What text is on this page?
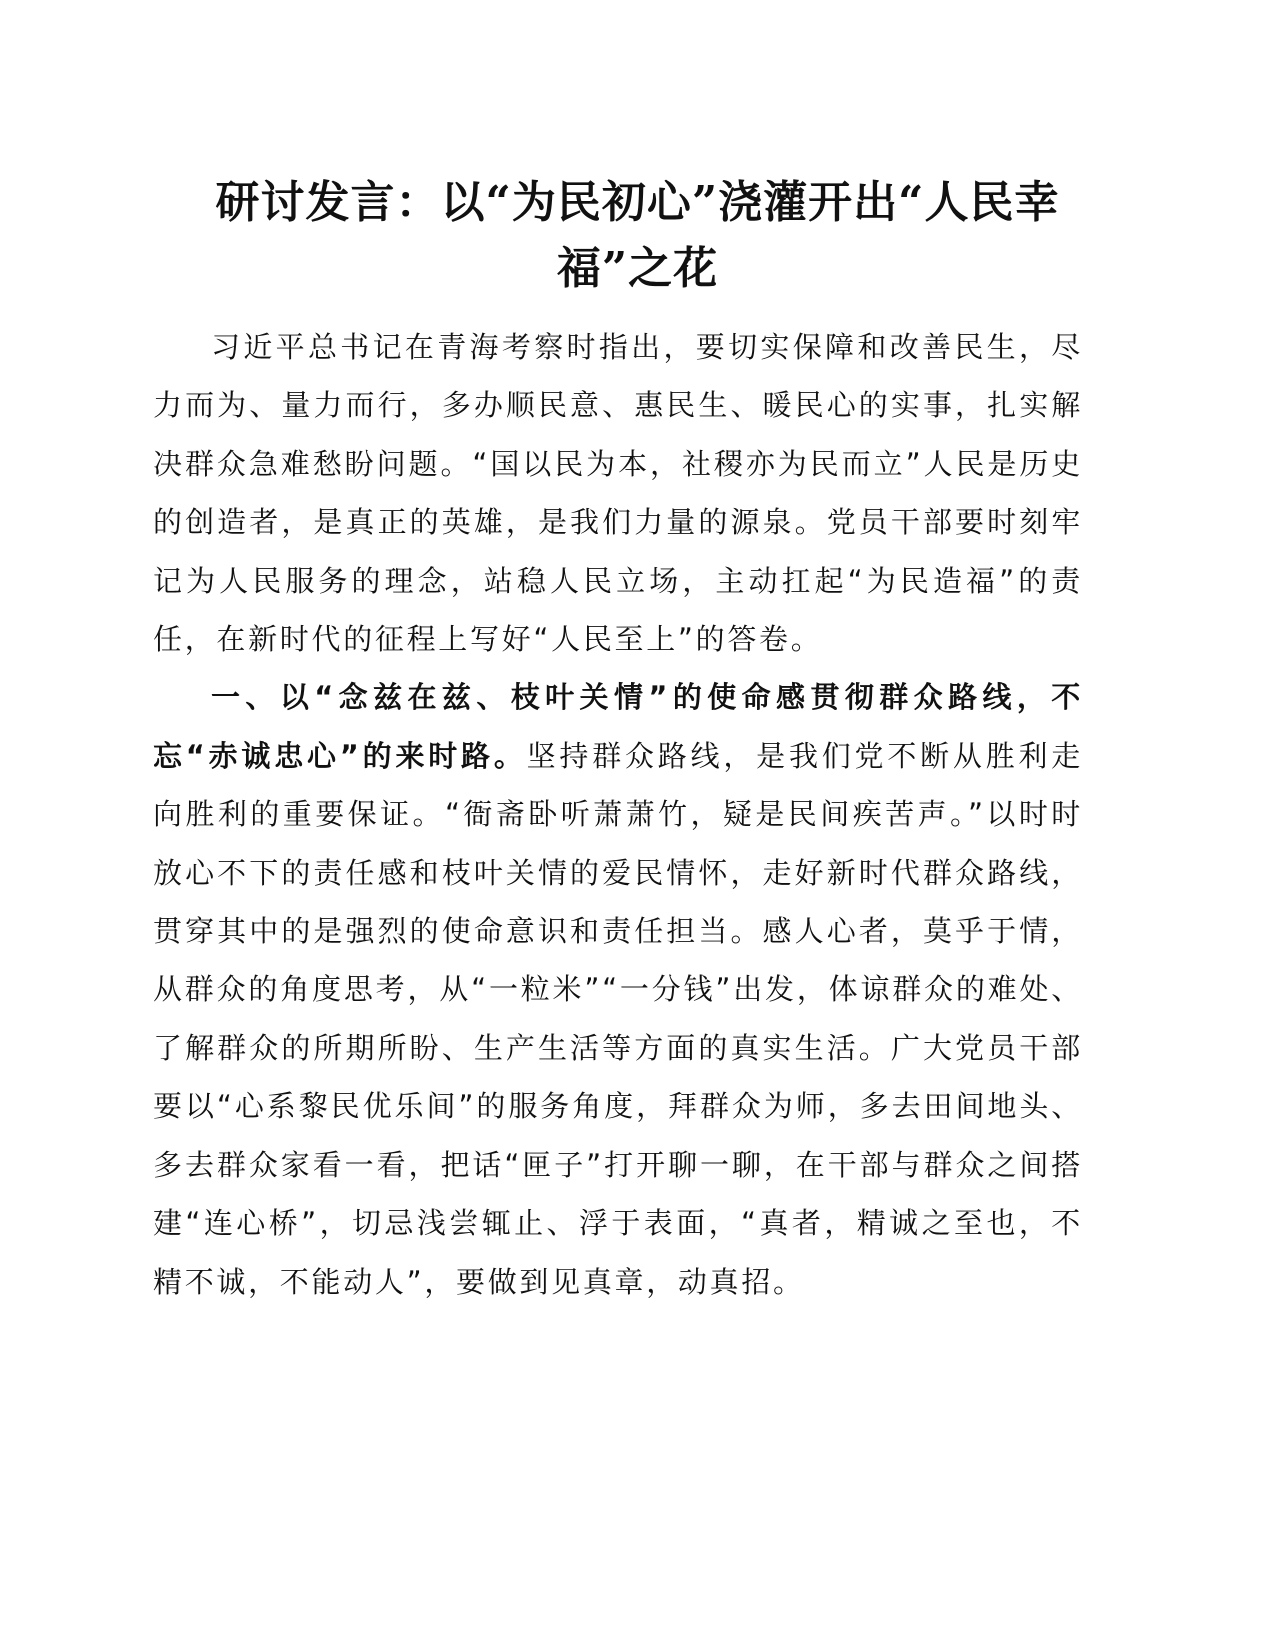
研讨发言：以“为民初心”浇灌开出“人民幸
福”之花

习近平总书记在青海考察时指出，要切实保障和改善民生，尽力而为、量力而行，多办顺民意、惠民生、暖民心的实事，扎实解决群众急难愁盼问题。“国以民为本，社稷亦为民而立”人民是历史的创造者，是真正的英雄，是我们力量的源泉。党员干部要时刻牢记为人民服务的理念，站稳人民立场，主动扛起“为民造福”的责任，在新时代的征程上写好“人民至上”的答卷。

一、以“念兹在兹、枝叶关情”的使命感贯彻群众路线，不忘“赤诚忠心”的来时路。坚持群众路线，是我们党不断从胜利走向胜利的重要保证。“衙斋卧听萧萧竹，疑是民间疾苦声。”以时时放心不下的责任感和枝叶关情的爱民情怀，走好新时代群众路线，贯穿其中的是强烈的使命意识和责任担当。感人心者，莫乎于情，从群众的角度思考，从“一粒米”“一分钱”出发，体谅群众的难处、了解群众的所期所盼、生产生活等方面的真实生活。广大党员干部要以“心系黎民优乐间”的服务角度，拜群众为师，多去田间地头、多去群众家看一看，把话“匣子”打开聊一聊，在干部与群众之间搭建“连心桥”，切忌浅尝辄止、浮于表面，“真者，精诚之至也，不精不诚，不能动人”，要做到见真章，动真招。
